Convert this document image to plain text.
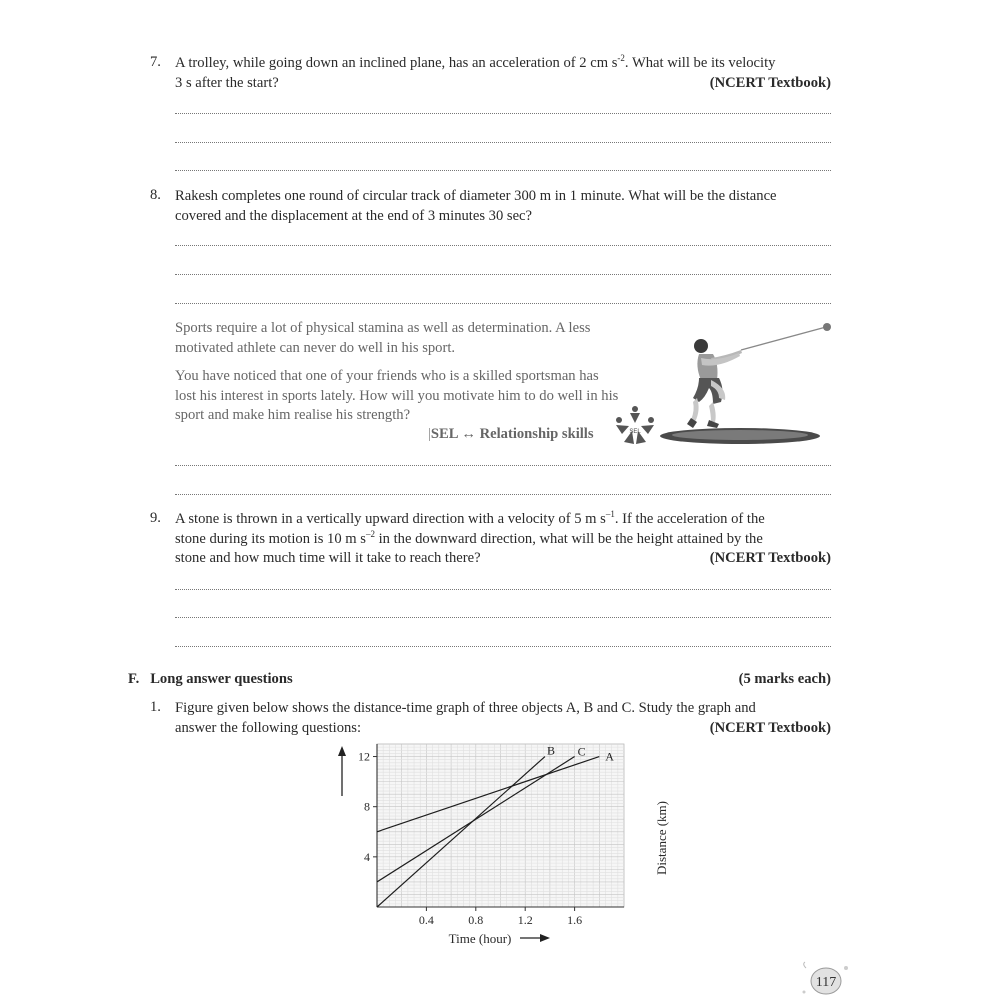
7. A trolley, while going down an inclined plane, has an acceleration of 2 cm $s^{-2}$. What will be its velocity
3 s after the start?	(NCERT Textbook)
8. Rakesh completes one round of circular track of diameter 300 m in 1 minute. What will be the distance
covered and the displacement at the end of 3 minutes 30 sec?
Sports require a lot of physical stamina as well as determination. A less
motivated athlete can never do well in his sport.
You have noticed that one of your friends who is a skilled sportsman has
lost his interest in sports lately. How will you motivate him to do well in his
sport and make him realise his strength?
|SEL ↔ Relationship skills	SEL
9. A stone is thrown in a vertically upward direction with a velocity of 5 m $s^{-1}$. If the acceleration of the
stone during its motion is 10 m $s^{-2}$ in the downward direction, what will be the height attained by the
stone and how much time will it take to reach there?	(NCERT Textbook)
F. Long answer questions	(5 marks each)
1. Figure given below shows the distance-time graph of three objects A, B and C. Study the graph and
answer the following questions:	(NCERT Textbook)
A
B C
0.4	0.8	1.2	1.6
4
8
12
Distance (km)
Time (hour)
117
